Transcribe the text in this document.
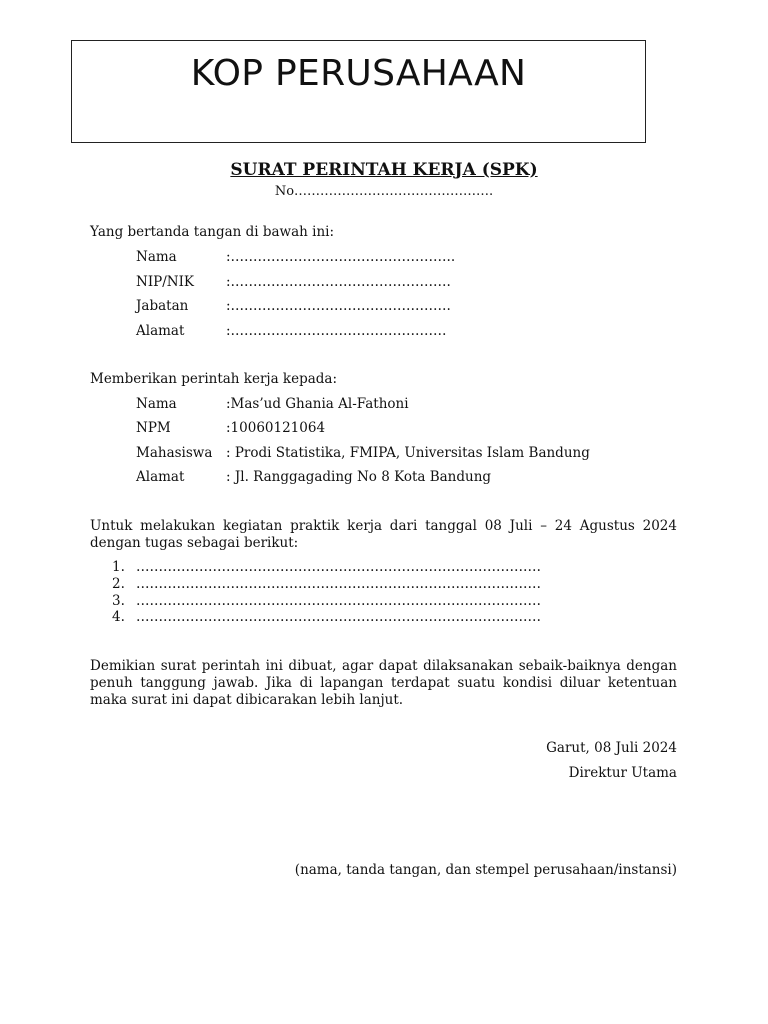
KOP PERUSAHAAN
SURAT PERINTAH KERJA (SPK)
No……………………………………….
Yang bertanda tangan di bawah ini:
Nama	:…………………………………………..
NIP/NIK :………………………………………….
Jabatan	:………………………………………….
Alamat	:…………………………………………
Memberikan perintah kerja kepada:
Nama	:Mas’ud Ghania Al-Fathoni
NPM	:10060121064
Mahasiswa : Prodi Statistika, FMIPA, Universitas Islam Bandung
Alamat	: Jl. Ranggagading No 8 Kota Bandung
Untuk melakukan kegiatan praktik kerja dari tanggal 08 Juli – 24 Agustus 2024 dengan tugas sebagai berikut:
1. ………………………………………………………………………………
2. ………………………………………………………………………………
3. ………………………………………………………………………………
4. ………………………………………………………………………………
Demikian surat perintah ini dibuat, agar dapat dilaksanakan sebaik-baiknya dengan penuh tanggung jawab. Jika di lapangan terdapat suatu kondisi diluar ketentuan maka surat ini dapat dibicarakan lebih lanjut.
Garut, 08 Juli 2024
Direktur Utama
(nama, tanda tangan, dan stempel perusahaan/instansi)
